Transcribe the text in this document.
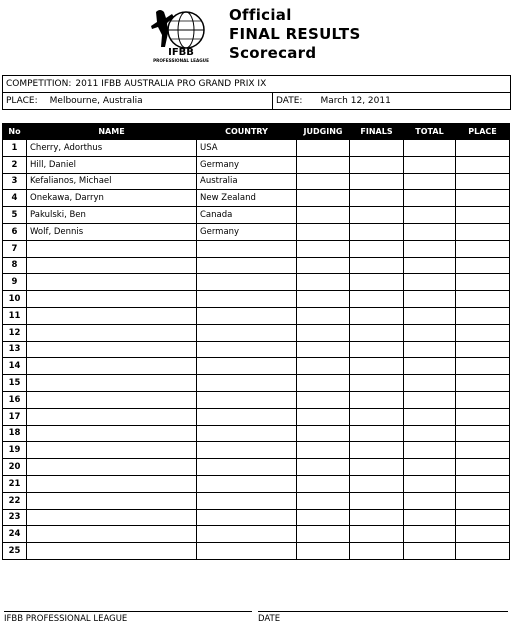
IFBB
PROFESSIONAL LEAGUE
Official
FINAL RESULTS
Scorecard
COMPETITION: 2011 IFBB AUSTRALIA PRO GRAND PRIX IX
PLACE: Melbourne, Australia	DATE: March 12, 2011
No	NAME	COUNTRY	JUDGING	FINALS	TOTAL	PLACE
1	Cherry, Adorthus	USA				
2	Hill, Daniel	Germany				
3	Kefalianos, Michael	Australia				
4	Onekawa, Darryn	New Zealand				
5	Pakulski, Ben	Canada				
6	Wolf, Dennis	Germany				
7						
8						
9						
10						
11						
12						
13						
14						
15						
16						
17						
18						
19						
20						
21						
22						
23						
24						
25						
IFBB PROFESSIONAL LEAGUE	DATE
